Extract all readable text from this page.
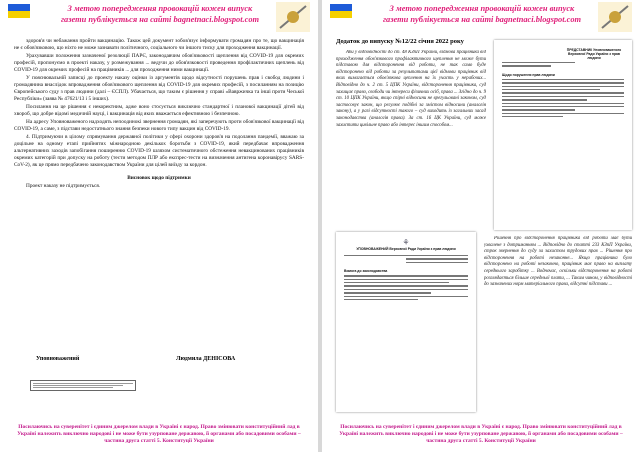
З метою попередження провокацій кожен випуск газети публікується на сайті bagnetnaci.blogspot.com

здоров'я чи небажання пройти вакцинацію. Також цей документ зобов'язує інформувати громадян про те, що вакцинація не є обов'язковою, що ніхто не може зазнавати політичного, соціального чи іншого тиску для проходження вакцинації.

Урахувавши положення зазначеної резолюції ПАРЄ, законодавчим обов'язковості щеплення від COVID-19 для окремих професій, пропонуємо в проекті наказу, у розмежування ... ведучи до обов'язковості проведення профілактичних щеплень від COVID-19 для окремих професій на працівників ... для проходження ними вакцинації.

У пояснювальній записці до проекту наказу оцінки із аргументів щодо відсутності порушень прав і свобод людини і громадянина внаслідок впровадження обов'язкового щеплення від COVID-19 для окремих професій, з посиланням на позицію Європейського суду з прав людини (далі – ЄСПЛ). Убачається, що таким є рішення у справі «Вавржичка та інші проти Чеської Республіки» (заява № 47621/13 і 5 інших).

Посилання на це рішення є некоректним, адже воно стосується виключно стандартної і планової вакцинації дітей від хвороб, що добре відомі медичній науці, і вакцинація від яких вважається ефективною і безпечною.

На адресу Уповноваженого надходять непоодинокі звернення громадян, які заперечують проти обов'язкової вакцинації від COVID-19, а саме, з підстави недостатнього знання безпеки нового типу вакцин від COVID-19.

4. Підтримуючи в цілому спрямування державної політики у сфері охорони здоров'я на подолання пандемії, вважаю за доцільне на одному етапі прийнятих міжнародною декількох боротьби з COVID-19, який передбачає впровадження альтернативних заходів запобігання поширенню COVID-19 шляхом систематичного обстеження невакцинованих працівників окремих категорій при допуску на роботу (тести методом ПЛР або експрес-тести на визначення антигена коронавірусу SARS-CoV-2), як це прямо передбачено законодавством України для цілей виїзду за кордон.

Висновок щодо підтримки

Проект наказу не підтримується.

Уповноважений	Людмила ДЕНІСОВА
Посилаючись на суверенітет і єдиним джерелом влади в Україні є народ. Право змінювати конституційний лад в Україні належить виключно народові і не може бути узурповане державою, її органами або посадовими особами – частина друга статті 5. Конституції України
З метою попередження провокацій кожен випуск газети публікується на сайті bagnetnaci.blogspot.com
Додаток до випуску №12/22 січня 2022 року

Аби у відповідності до ст. 48 КЗпП України, відмова працівника від проходження обов'язкового профілактичного щеплення не може бути підставою для відсторонення від роботи, не так само буде відсторонено від роботи за результатами цієї відмови працівник від яких вимагається обов'язкова цеплення на їх участь у нерабочих... Відповідно до ч. 2 ст. 5 ЦПК України, відсторонення працівника, суд захищає право, свободи чи інтереси фізичних осіб, права ... Згідно до ч. 9 ст. 10 ЦПК України, якщо спірні відносини не врегульовані законом, суд застосовує закон, що регулює подібні за змістом відносини (аналогія закону), а у разі відсутності такого – суд виходить із загальних засад законодавства (аналогія права). За ст. 16 ЦК України, суд може захистити цивільне право або інтерес іншим способом...

ПРЕДСТАВНИК Уповноваженого Верховної Ради України з прав людини
Щодо порушення прав людини
⚘
УПОВНОВАЖЕНИЙ Верховної Ради України з прав людини
Вимога до законодавства

Рішення про відсторонення працівника від роботи має бути ухвалене з дотриманням ... Відповідно до статті 233 КЗпП України, строк звернення до суду за захистом трудових прав ... Рішення про відсторонення на роботі незаконне... Якщо працівника було відсторонено на роботі незаконно, працівник має право на виплату середнього заробітку ... Водночас, оскільки відсторонення на роботі розглядається більше середньої плати, ... Таким чином, у відповідності до зазначених норм матеріального права, відсутні підстави ...

Посилаючись на суверенітет і єдиним джерелом влади в Україні є народ. Право змінювати конституційний лад в Україні належить виключно народові і не може бути узурповане державою, її органами або посадовими особами – частина друга статті 5. Конституції України
